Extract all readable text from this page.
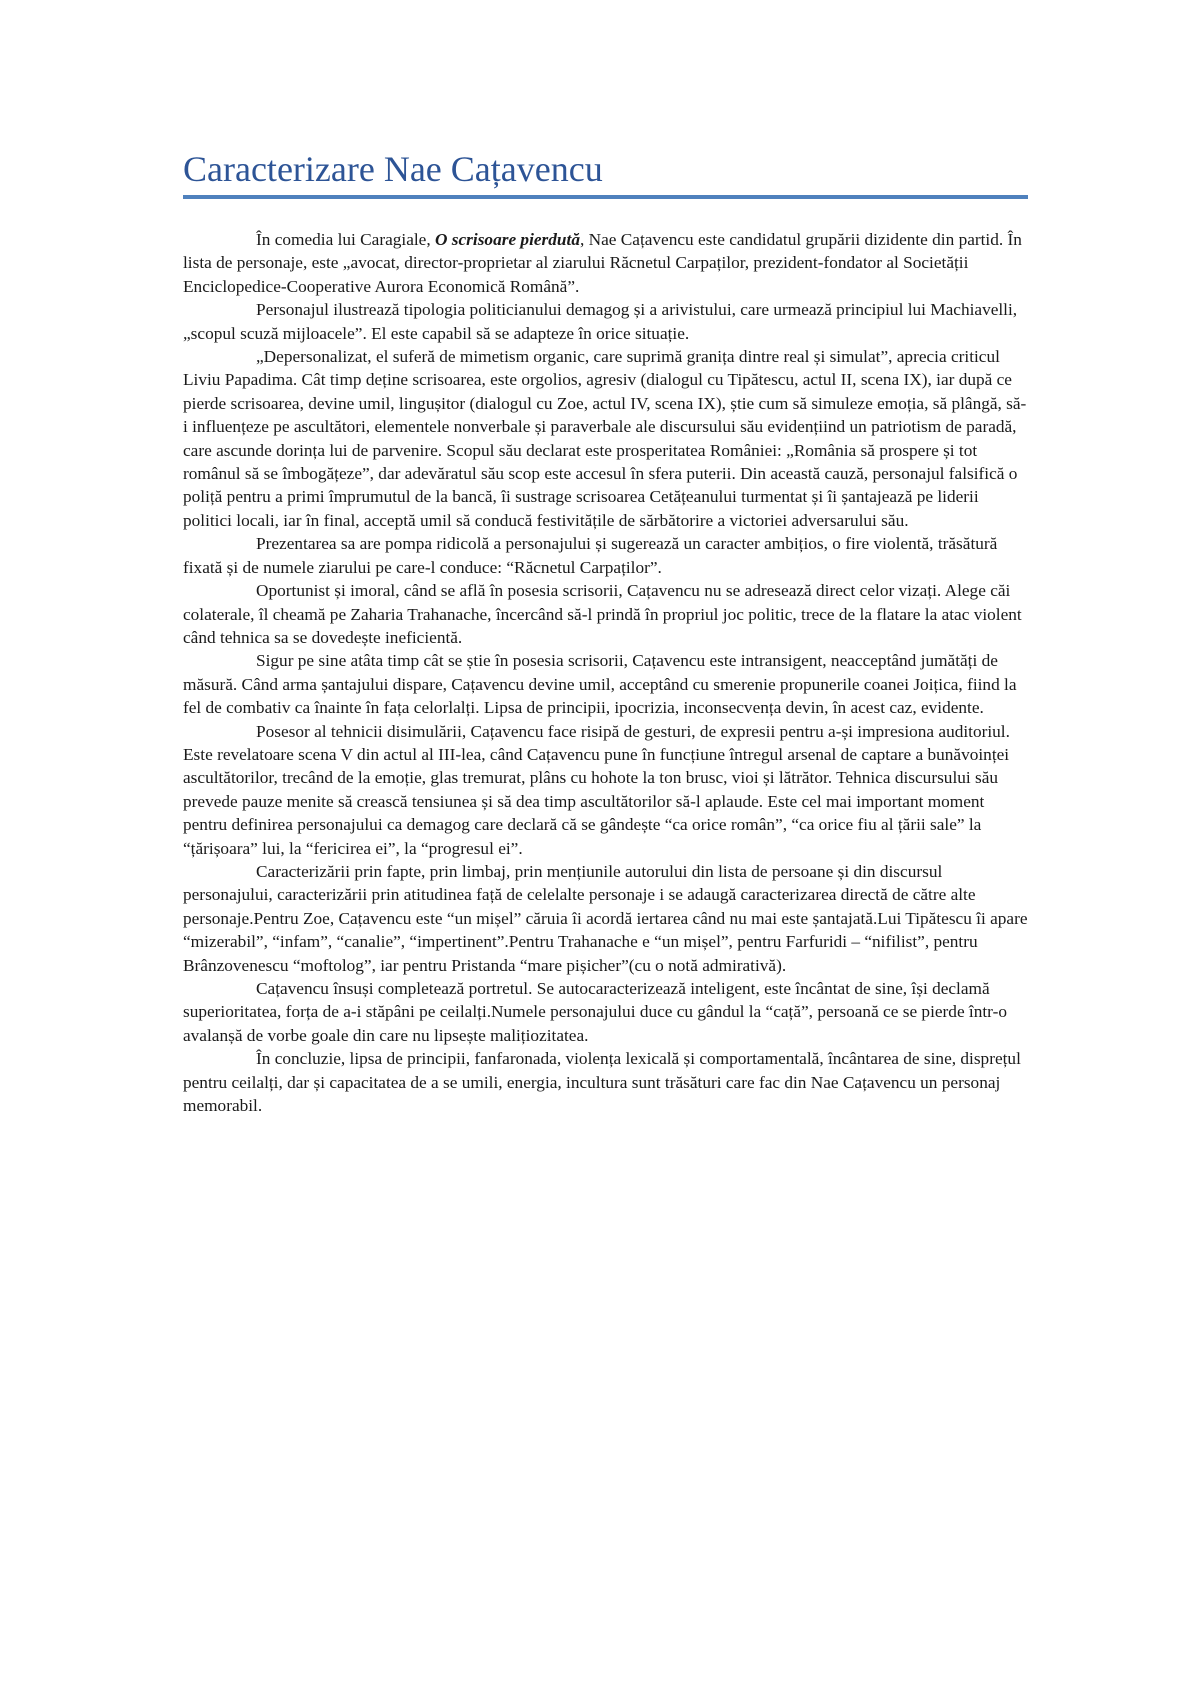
Caracterizare Nae Cațavencu

În comedia lui Caragiale, O scrisoare pierdută, Nae Cațavencu este candidatul grupării dizidente din partid. În lista de personaje, este „avocat, director-proprietar al ziarului Răcnetul Carpaților, prezident-fondator al Societății Enciclopedice-Cooperative Aurora Economică Română”.

Personajul ilustrează tipologia politicianului demagog și a arivistului, care urmează principiul lui Machiavelli, „scopul scuză mijloacele”. El este capabil să se adapteze în orice situație.

„Depersonalizat, el suferă de mimetism organic, care suprimă granița dintre real și simulat”, aprecia criticul Liviu Papadima. Cât timp deține scrisoarea, este orgolios, agresiv (dialogul cu Tipătescu, actul II, scena IX), iar după ce pierde scrisoarea, devine umil, lingușitor (dialogul cu Zoe, actul IV, scena IX), știe cum să simuleze emoția, să plângă, să-i influențeze pe ascultători, elementele nonverbale și paraverbale ale discursului său evidențiind un patriotism de paradă, care ascunde dorința lui de parvenire. Scopul său declarat este prosperitatea României: „România să prospere și tot românul să se îmbogățeze”, dar adevăratul său scop este accesul în sfera puterii. Din această cauză, personajul falsifică o poliță pentru a primi împrumutul de la bancă, îi sustrage scrisoarea Cetățeanului turmentat și îi șantajează pe liderii politici locali, iar în final, acceptă umil să conducă festivitățile de sărbătorire a victoriei adversarului său.

Prezentarea sa are pompa ridicolă a personajului și sugerează un caracter ambițios, o fire violentă, trăsătură fixată și de numele ziarului pe care-l conduce: “Răcnetul Carpaților”.

Oportunist și imoral, când se află în posesia scrisorii, Cațavencu nu se adresează direct celor vizați. Alege căi colaterale, îl cheamă pe Zaharia Trahanache, încercând să-l prindă în propriul joc politic, trece de la flatare la atac violent când tehnica sa se dovedește ineficientă.

Sigur pe sine atâta timp cât se știe în posesia scrisorii, Cațavencu este intransigent, neacceptând jumătăți de măsură. Când arma șantajului dispare, Cațavencu devine umil, acceptând cu smerenie propunerile coanei Joițica, fiind la fel de combativ ca înainte în fața celorlalți. Lipsa de principii, ipocrizia, inconsecvența devin, în acest caz, evidente.

Posesor al tehnicii disimulării, Cațavencu face risipă de gesturi, de expresii pentru a-și impresiona auditoriul. Este revelatoare scena V din actul al III-lea, când Cațavencu pune în funcțiune întregul arsenal de captare a bunăvoinței ascultătorilor, trecând de la emoție, glas tremurat, plâns cu hohote la ton brusc, vioi și lătrător. Tehnica discursului său prevede pauze menite să crească tensiunea și să dea timp ascultătorilor să-l aplaude. Este cel mai important moment pentru definirea personajului ca demagog care declară că se gândește “ca orice român”, “ca orice fiu al țării sale” la “țărișoara” lui, la “fericirea ei”, la “progresul ei”.

Caracterizării prin fapte, prin limbaj, prin mențiunile autorului din lista de persoane și din discursul personajului, caracterizării prin atitudinea față de celelalte personaje i se adaugă caracterizarea directă de către alte personaje.Pentru Zoe, Cațavencu este “un mișel” căruia îi acordă iertarea când nu mai este șantajată.Lui Tipătescu îi apare “mizerabil”, “infam”, “canalie”, “impertinent”.Pentru Trahanache e “un mișel”, pentru Farfuridi – “nifilist”, pentru Brânzovenescu “moftolog”, iar pentru Pristanda “mare pișicher”(cu o notă admirativă).

Cațavencu însuși completează portretul. Se autocaracterizează inteligent, este încântat de sine, își declamă superioritatea, forța de a-i stăpâni pe ceilalți.Numele personajului duce cu gândul la “cață”, persoană ce se pierde într-o avalanșă de vorbe goale din care nu lipsește malițiozitatea.

În concluzie, lipsa de principii, fanfaronada, violența lexicală și comportamentală, încântarea de sine, disprețul pentru ceilalți, dar și capacitatea de a se umili, energia, incultura sunt trăsături care fac din Nae Cațavencu un personaj memorabil.
